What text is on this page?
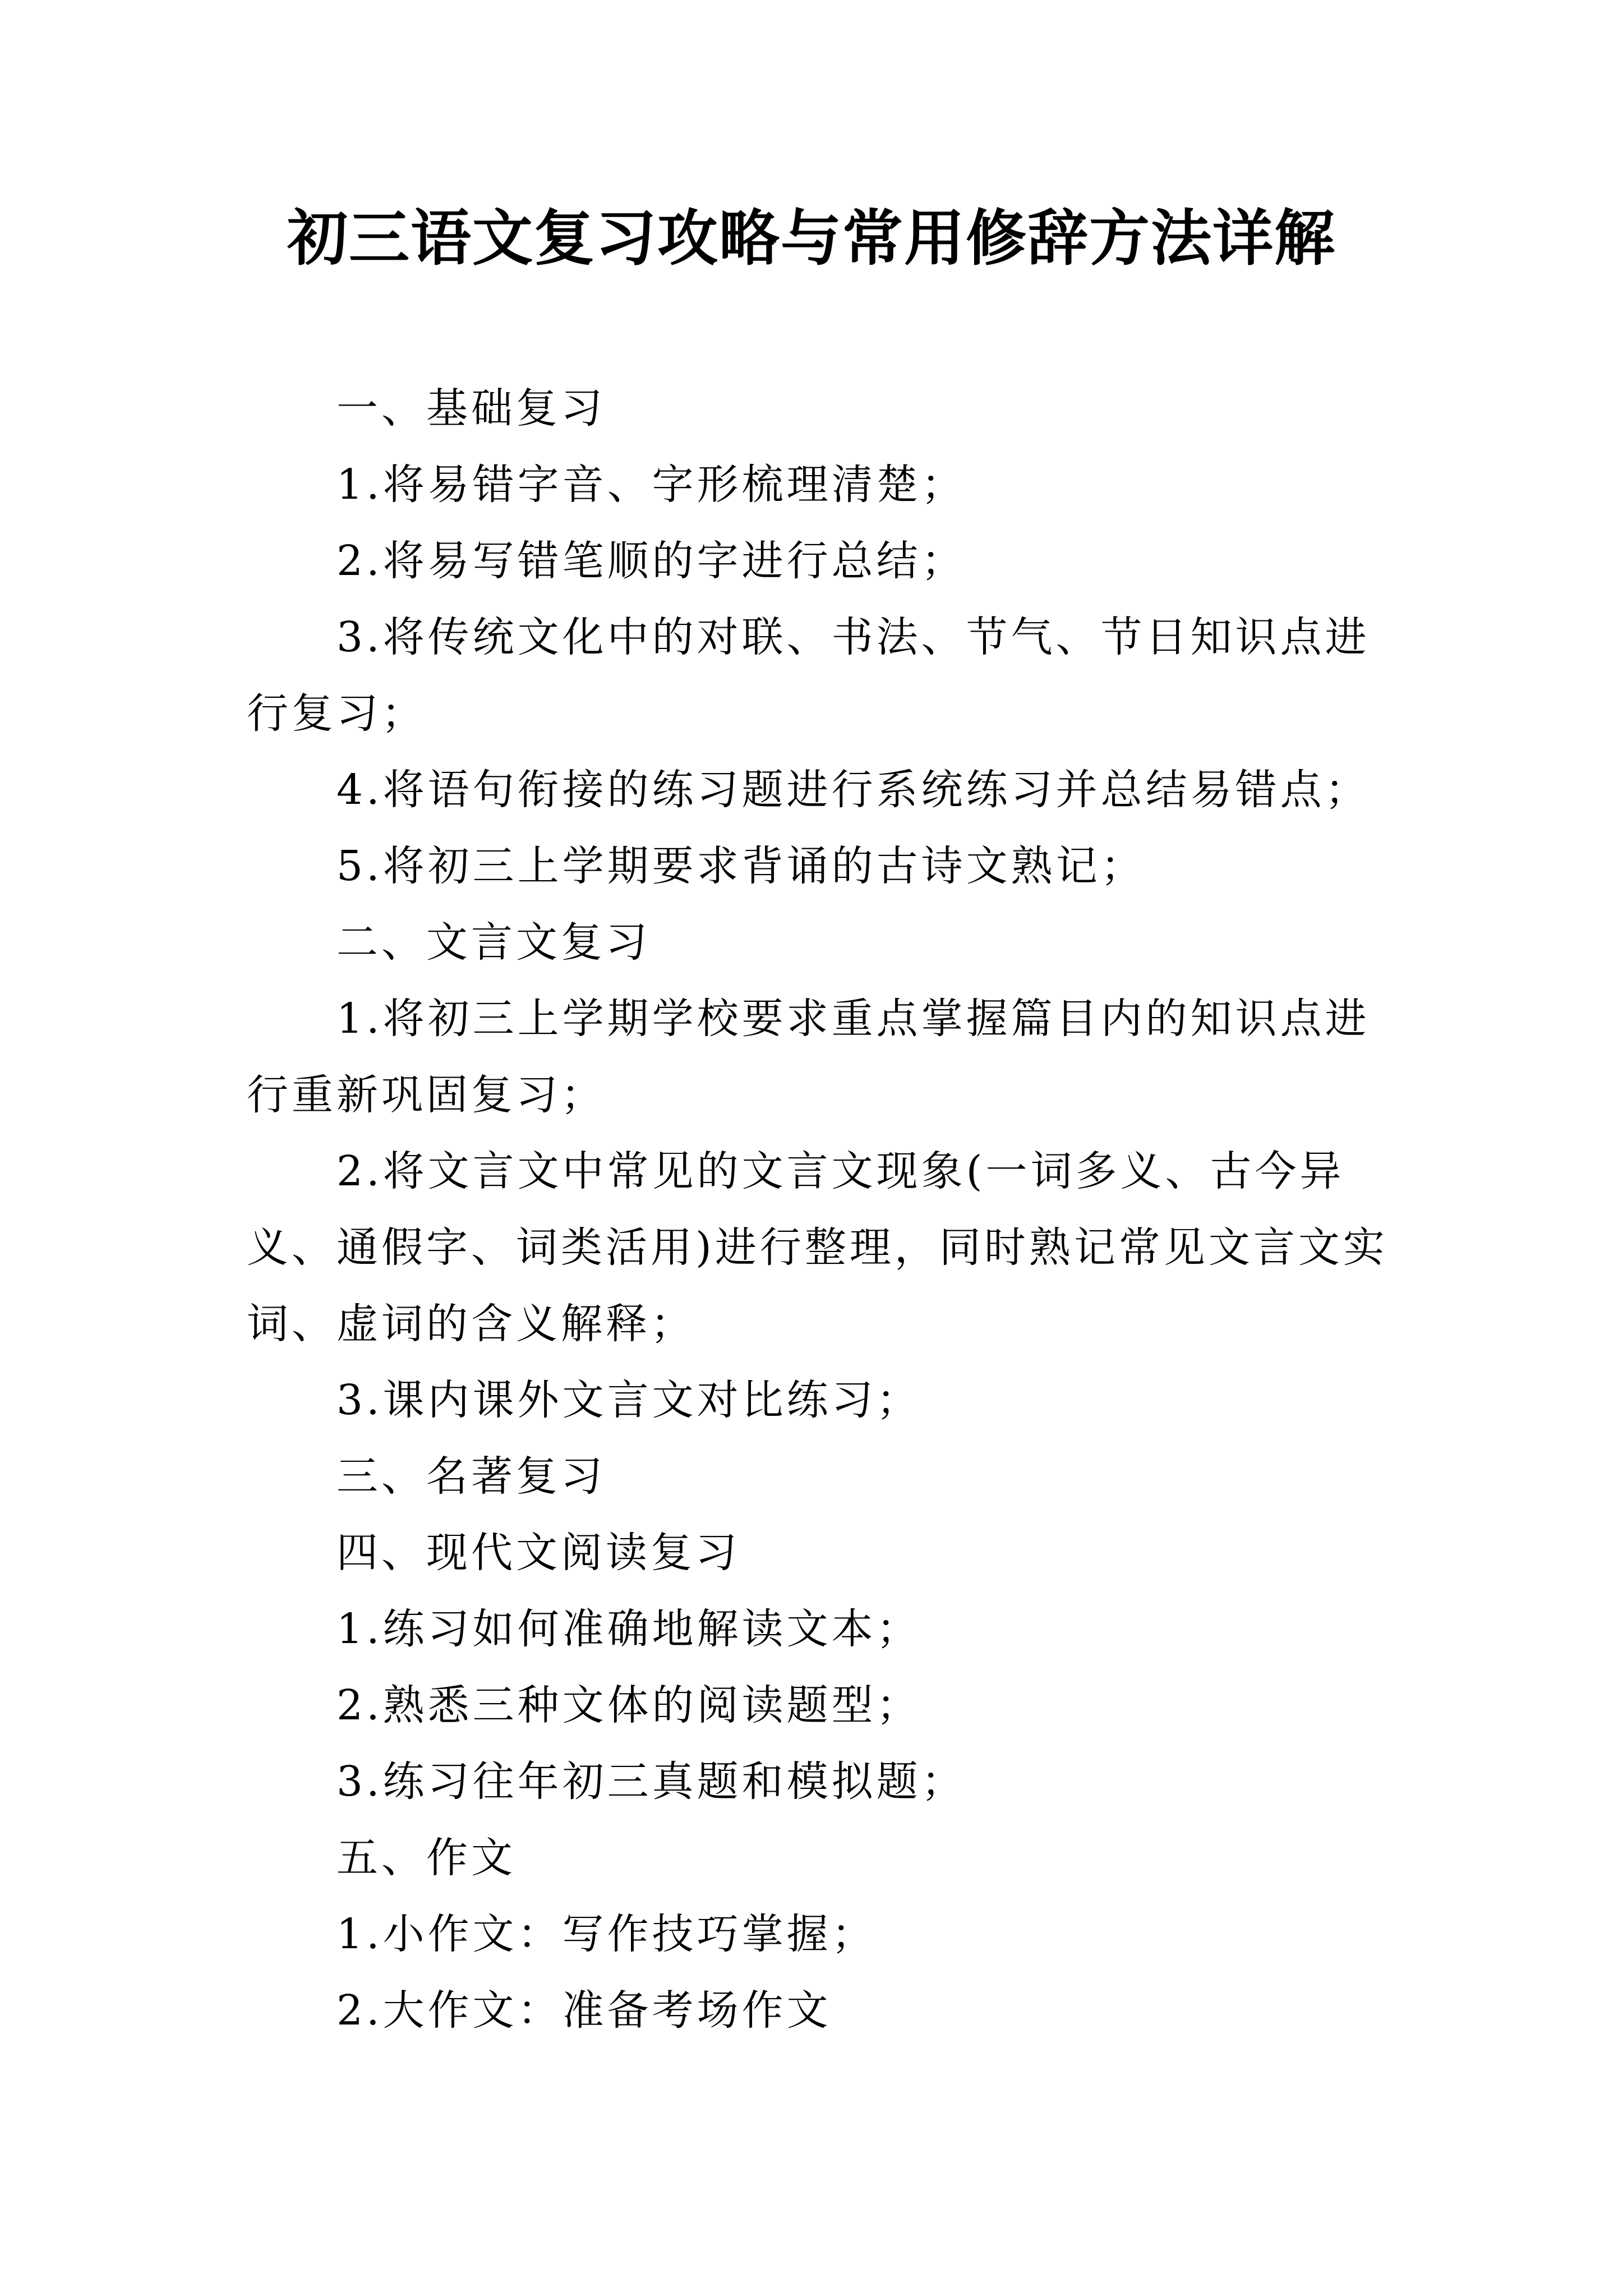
初三语文复习攻略与常用修辞方法详解

一、基础复习

1.将易错字音、字形梳理清楚；

2.将易写错笔顺的字进行总结；

3.将传统文化中的对联、书法、节气、节日知识点进行复习；

4.将语句衔接的练习题进行系统练习并总结易错点；

5.将初三上学期要求背诵的古诗文熟记；

二、文言文复习

1.将初三上学期学校要求重点掌握篇目内的知识点进行重新巩固复习；

2.将文言文中常见的文言文现象(一词多义、古今异义、通假字、词类活用)进行整理，同时熟记常见文言文实词、虚词的含义解释；

3.课内课外文言文对比练习；

三、名著复习

四、现代文阅读复习

1.练习如何准确地解读文本；

2.熟悉三种文体的阅读题型；

3.练习往年初三真题和模拟题；

五、作文

1.小作文：写作技巧掌握；

2.大作文：准备考场作文
